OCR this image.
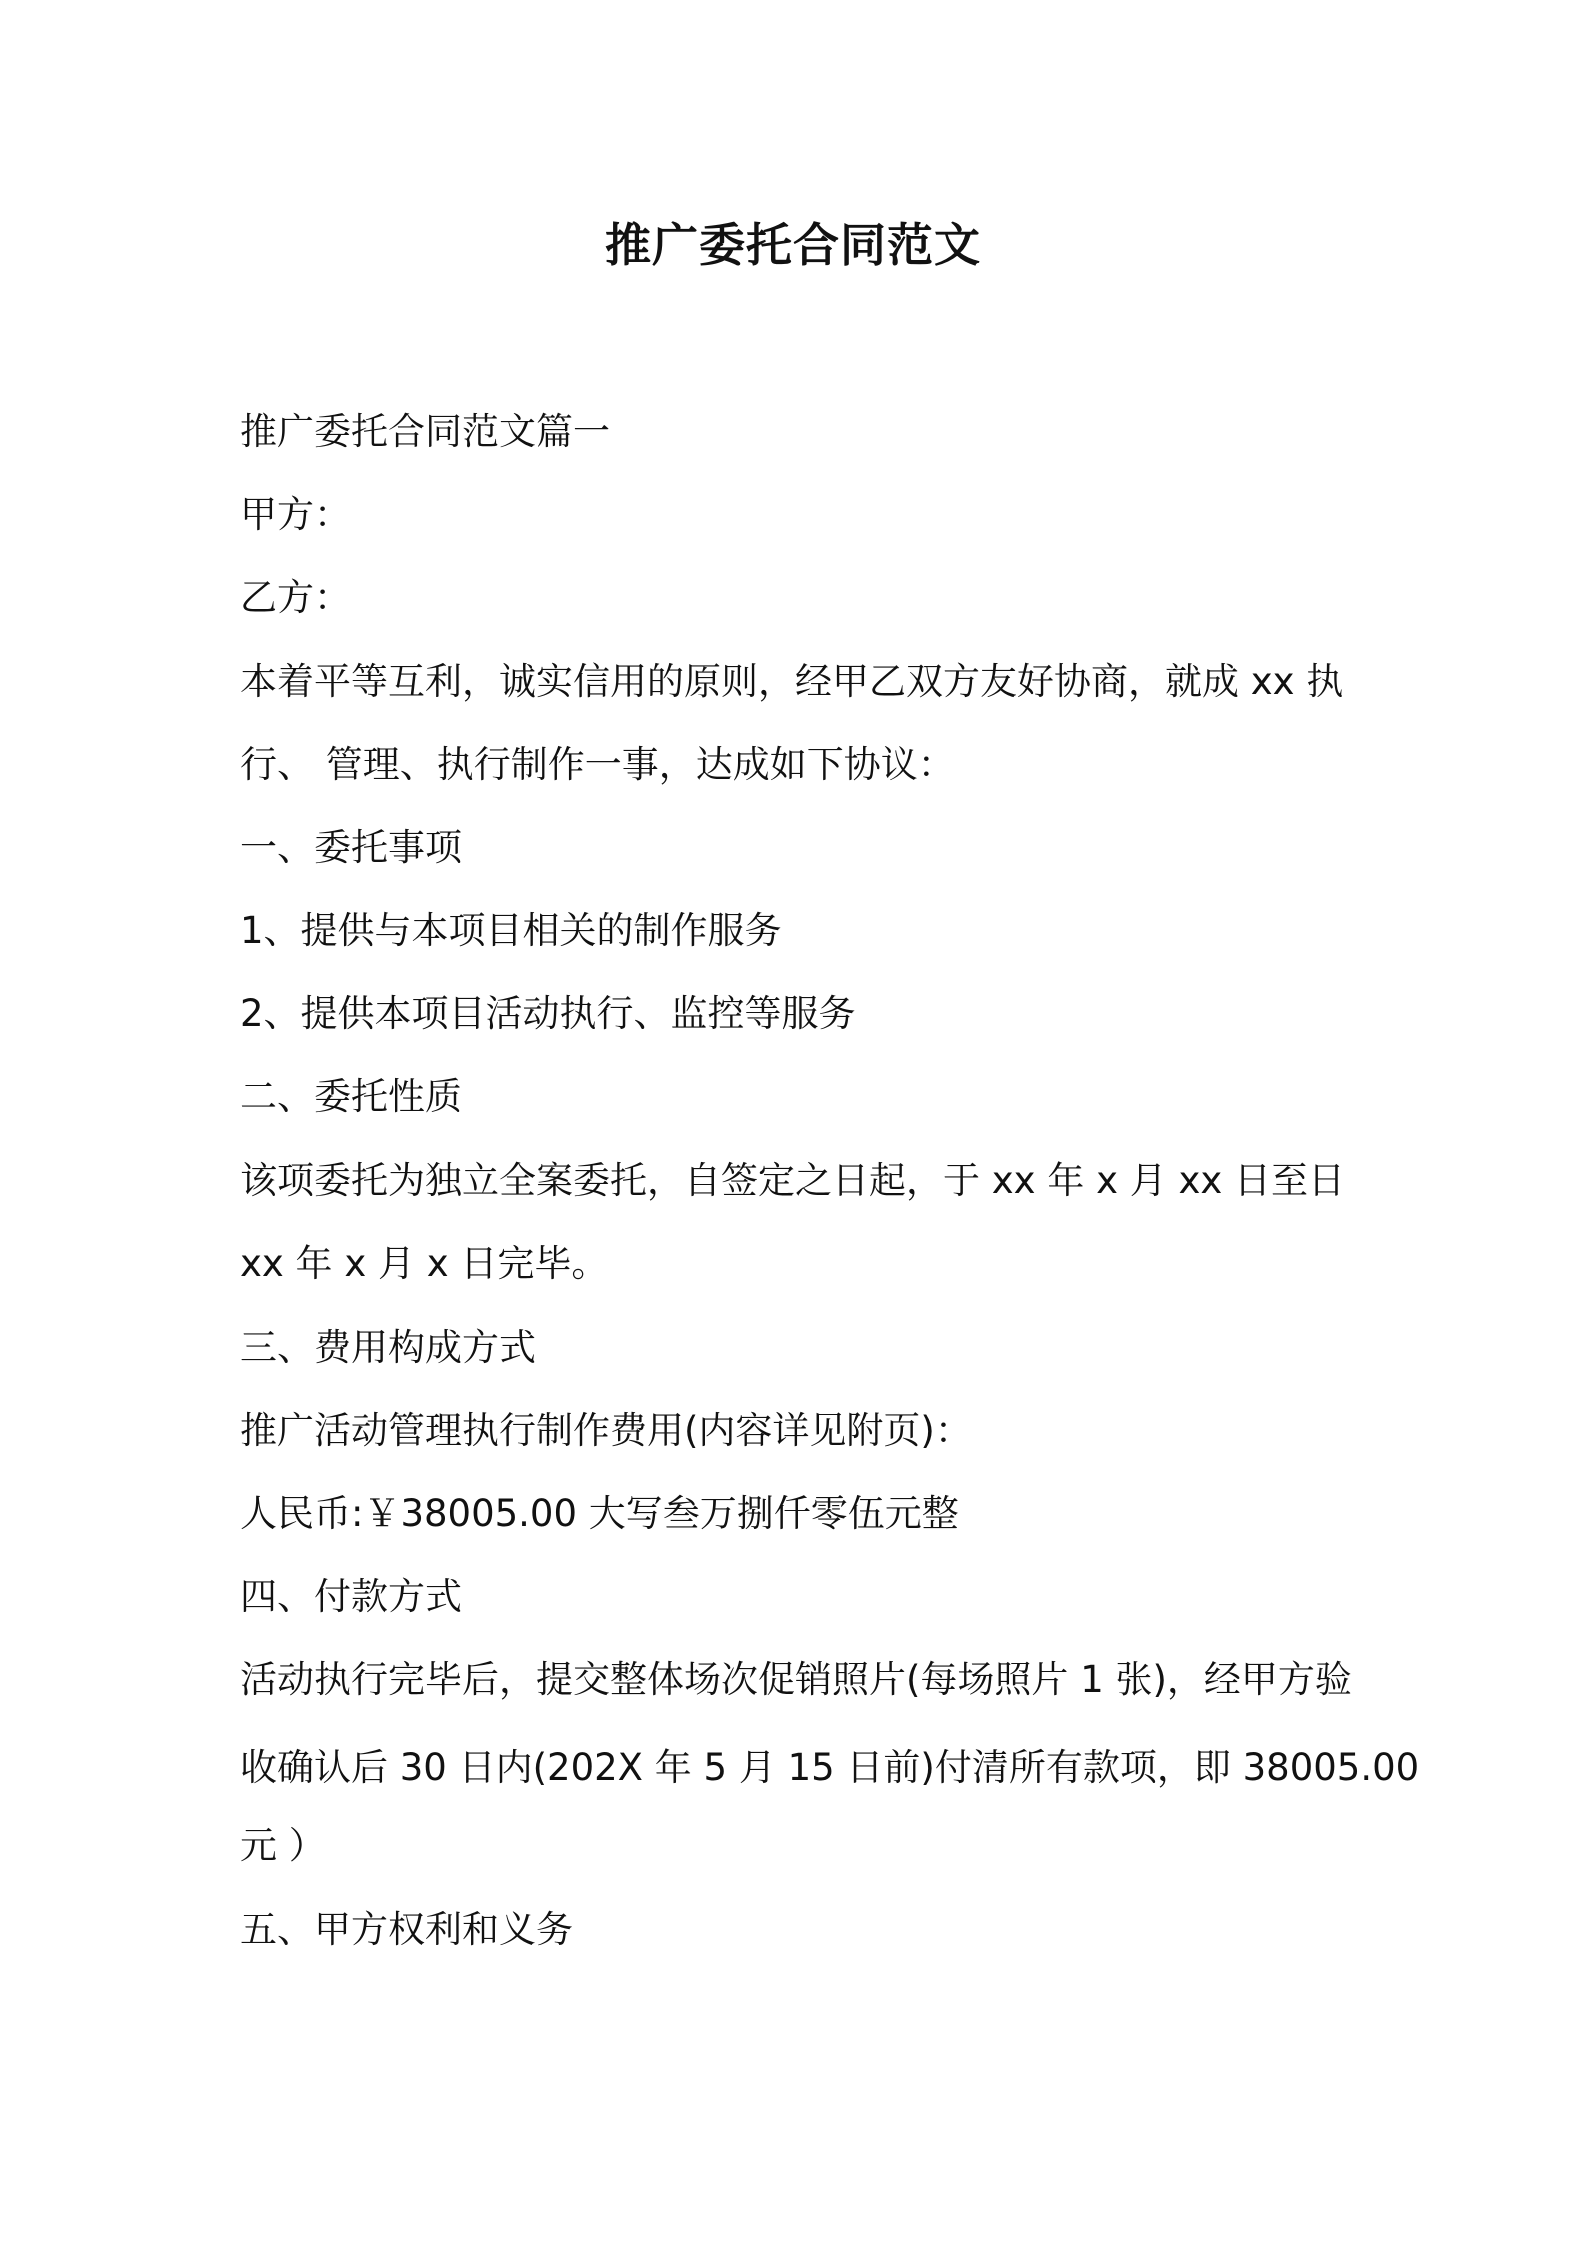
推广委托合同范文
推广委托合同范文篇一
甲方：
乙方：
本着平等互利，诚实信用的原则，经甲乙双方友好协商，就成 xx 执
行、 管理、执行制作一事，达成如下协议：
一、委托事项
1、提供与本项目相关的制作服务
2、提供本项目活动执行、监控等服务
二、委托性质
该项委托为独立全案委托，自签定之日起，于 xx 年 x 月 xx 日至日
xx 年 x 月 x 日完毕。
三、费用构成方式
推广活动管理执行制作费用(内容详见附页)：
人民币:￥38005.00 大写叁万捌仟零伍元整
四、付款方式
活动执行完毕后，提交整体场次促销照片(每场照片 1 张)，经甲方验
收确认后 30 日内(202X 年 5 月 15 日前)付清所有款项，即 38005.00
元 ）
五、甲方权利和义务
